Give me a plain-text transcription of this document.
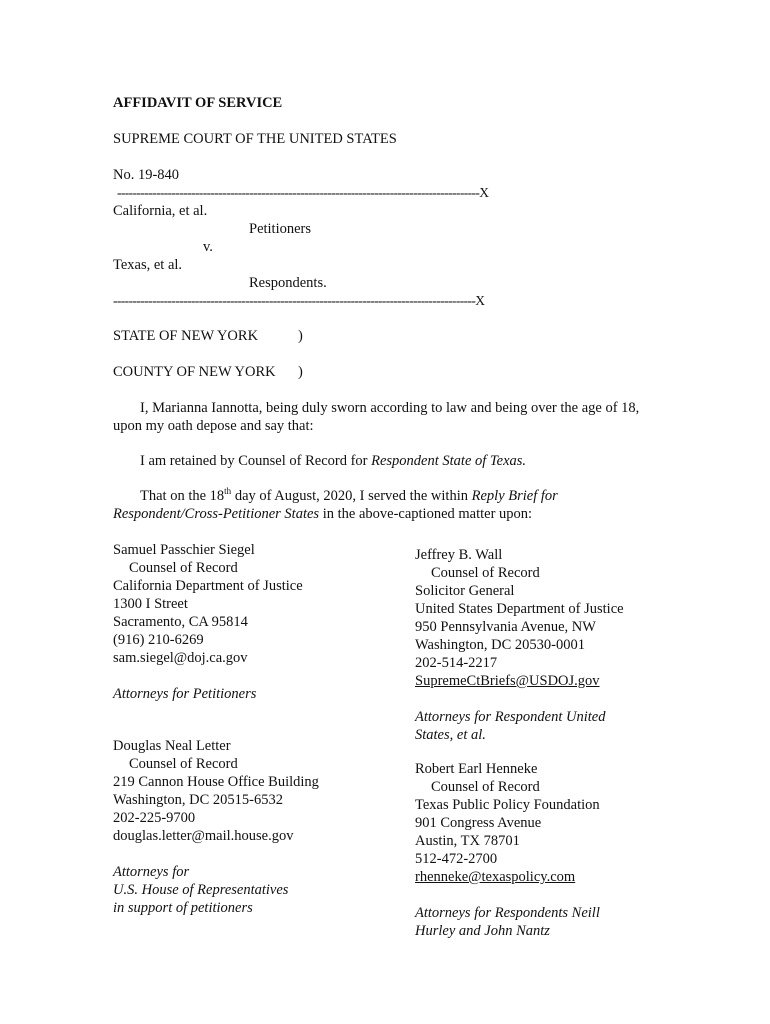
AFFIDAVIT OF SERVICE
SUPREME COURT OF THE UNITED STATES
No. 19-840
---------------------------------------------------------------------------------------------X
California, et al.
Petitioners
v.
Texas, et al.
Respondents.
---------------------------------------------------------------------------------------------X
STATE OF NEW YORK	)
COUNTY OF NEW YORK )
I, Marianna Iannotta, being duly sworn according to law and being over the age of 18, upon my oath depose and say that:
I am retained by Counsel of Record for Respondent State of Texas.
That on the 18th day of August, 2020, I served the within Reply Brief for Respondent/Cross-Petitioner States in the above-captioned matter upon:
Samuel Passchier Siegel
Counsel of Record
California Department of Justice
1300 I Street
Sacramento, CA 95814
(916) 210-6269
sam.siegel@doj.ca.gov
Attorneys for Petitioners
Douglas Neal Letter
Counsel of Record
219 Cannon House Office Building
Washington, DC 20515-6532
202-225-9700
douglas.letter@mail.house.gov
Attorneys for
U.S. House of Representatives
in support of petitioners
Jeffrey B. Wall
Counsel of Record
Solicitor General
United States Department of Justice
950 Pennsylvania Avenue, NW
Washington, DC 20530-0001
202-514-2217
SupremeCtBriefs@USDOJ.gov
Attorneys for Respondent United
States, et al.
Robert Earl Henneke
Counsel of Record
Texas Public Policy Foundation
901 Congress Avenue
Austin, TX 78701
512-472-2700
rhenneke@texaspolicy.com
Attorneys for Respondents Neill
Hurley and John Nantz
